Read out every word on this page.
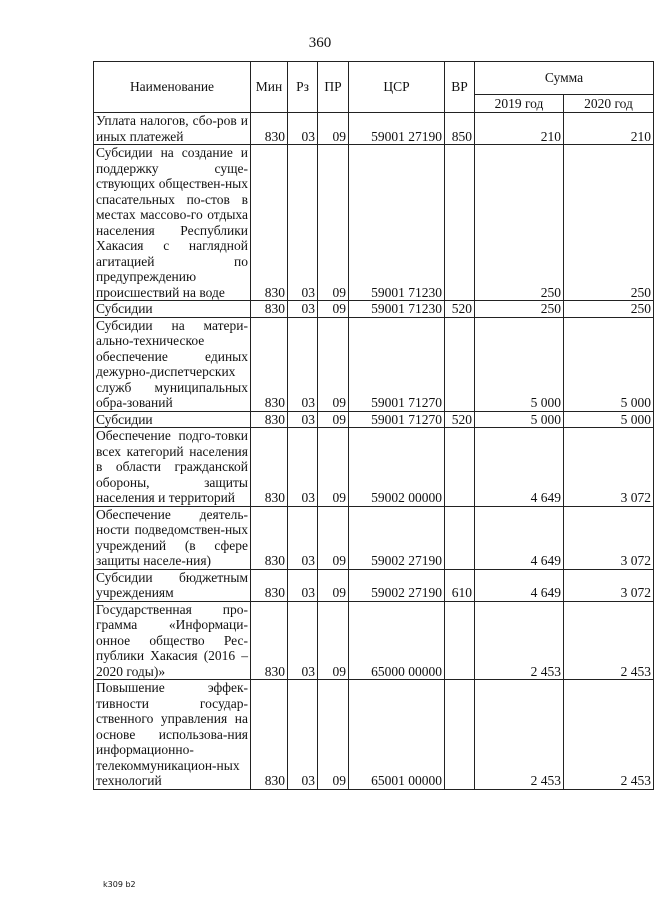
360
Наименование	Мин	Рз	ПР	ЦСР	ВР	Сумма	
						2019 год	2020 год
Уплата налогов, сбо-ров и иных платежей	830	03	09	59001 27190	850	210	210
Субсидии на создание и поддержку суще-ствующих обществен-ных спасательных по-стов в местах массово-го отдыха населения Республики Хакасия с наглядной агитацией по предупреждению происшествий на воде	830	03	09	59001 71230		250	250
Субсидии	830	03	09	59001 71230	520	250	250
Субсидии на матери-ально-техническое обеспечение единых дежурно-диспетчерских служб муниципальных обра-зований	830	03	09	59001 71270		5 000	5 000
Субсидии	830	03	09	59001 71270	520	5 000	5 000
Обеспечение подго-товки всех категорий населения в области гражданской обороны, защиты населения и территорий	830	03	09	59002 00000		4 649	3 072
Обеспечение деятель-ности подведомствен-ных учреждений (в сфере защиты населе-ния)	830	03	09	59002 27190		4 649	3 072
Субсидии бюджетным учреждениям	830	03	09	59002 27190	610	4 649	3 072
Государственная про-грамма «Информаци-онное общество Рес-публики Хакасия (2016 – 2020 годы)»	830	03	09	65000 00000		2 453	2 453
Повышение эффек-тивности государ-ственного управления на основе использова-ния информационно-телекоммуникацион-ных технологий	830	03	09	65001 00000		2 453	2 453
k309 b2
